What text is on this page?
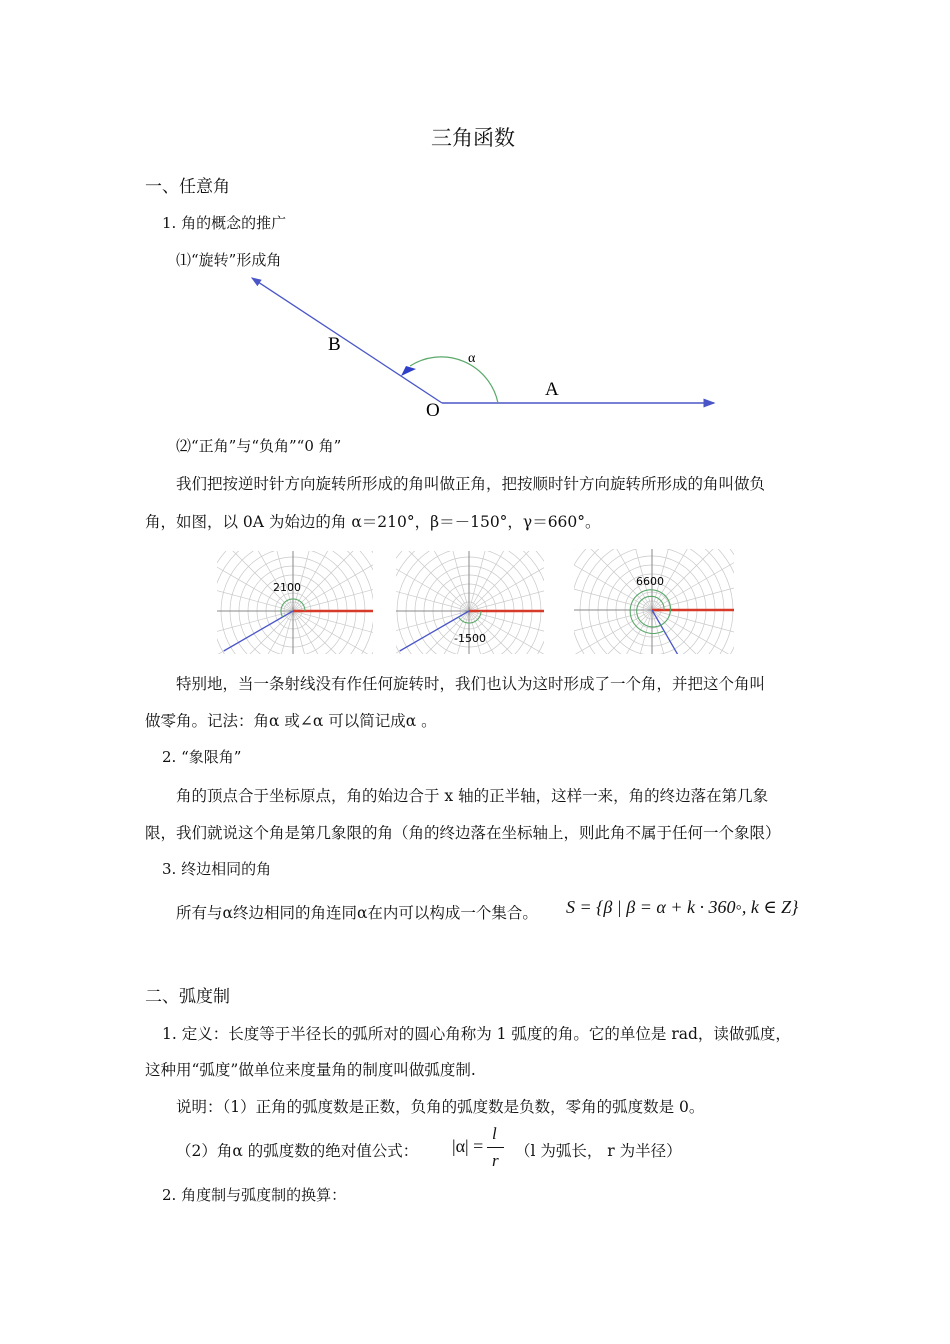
三角函数
一、任意角
1. 角的概念的推广
⑴“旋转”形成角
B
α
A
O
⑵“正角”与“负角”“0 角”
我们把按逆时针方向旋转所形成的角叫做正角，把按顺时针方向旋转所形成的角叫做负
角，如图，以 0A 为始边的角 α＝210°，β＝－150°，γ＝660°。
2100
-1500
6600
特别地，当一条射线没有作任何旋转时，我们也认为这时形成了一个角，并把这个角叫
做零角。记法：角α 或∠α 可以简记成α 。
2. “象限角”
角的顶点合于坐标原点，角的始边合于 x 轴的正半轴，这样一来，角的终边落在第几象
限，我们就说这个角是第几象限的角（角的终边落在坐标轴上，则此角不属于任何一个象限）
3. 终边相同的角
所有与α终边相同的角连同α在内可以构成一个集合。 S = {β | β = α + k · 360◦, k ∈ Z}
二、弧度制
1. 定义：长度等于半径长的弧所对的圆心角称为 1 弧度的角。它的单位是 rad，读做弧度，
这种用“弧度”做单位来度量角的制度叫做弧度制.
说明：（1）正角的弧度数是正数，负角的弧度数是负数，零角的弧度数是 0。
（2）角α 的弧度数的绝对值公式： |α| =
l
r （l 为弧长， r 为半径）
2. 角度制与弧度制的换算：
